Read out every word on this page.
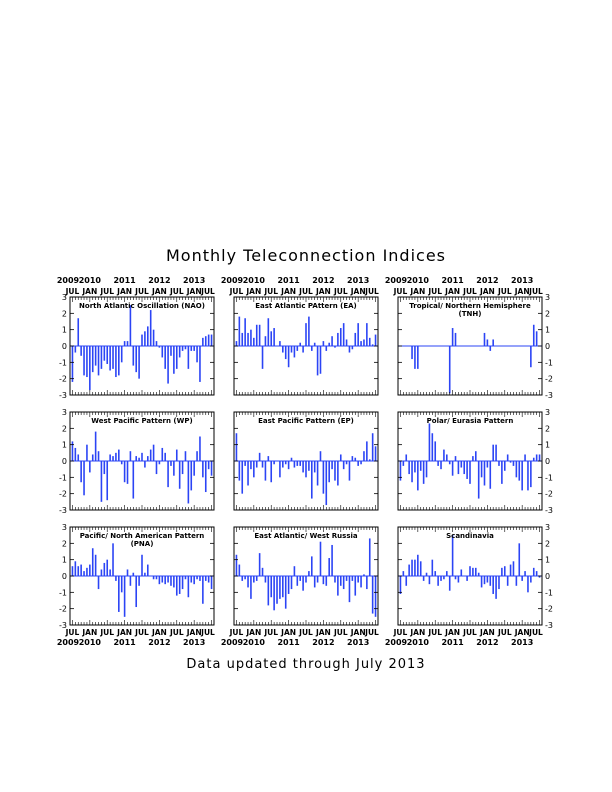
Monthly Teleconnection Indices
-3
-2
-1
0
1
2
3
North Atlantic Oscillation (NAO)
JUL JAN JUL JAN JUL JAN JUL JAN JUL
2009 2010 2011 2012 2013
East Atlantic PAttern (EA)
JUL JAN JUL JAN JUL JAN JUL JAN JUL
2009 2010 2011 2012 2013
-3
-2
-1
0
1
2
3
Tropical/ Northern Hemisphere
(TNH)
JUL JAN JUL JAN JUL JAN JUL JAN JUL
2009 2010 2011 2012 2013
-3
-2
-1
0
1
2
3
West Pacific Pattern (WP)	East Pacific Pattern (EP)
-3
-2
-1
0
1
2
3
Polar/ Eurasia Pattern
-3
-2
-1
0
1
2
3
Pacific/ North American Pattern
(PNA)
JUL JAN JUL JAN JUL JAN JUL JAN JUL
2009 2010 2011 2012 2013
East Atlantic/ West Russia
JUL JAN JUL JAN JUL JAN JUL JAN JUL
2009 2010 2011 2012 2013
-3
-2
-1
0
1
2
3
Scandinavia
JUL JAN JUL JAN JUL JAN JUL JAN JUL
2009 2010 2011 2012 2013
Data updated through July 2013
